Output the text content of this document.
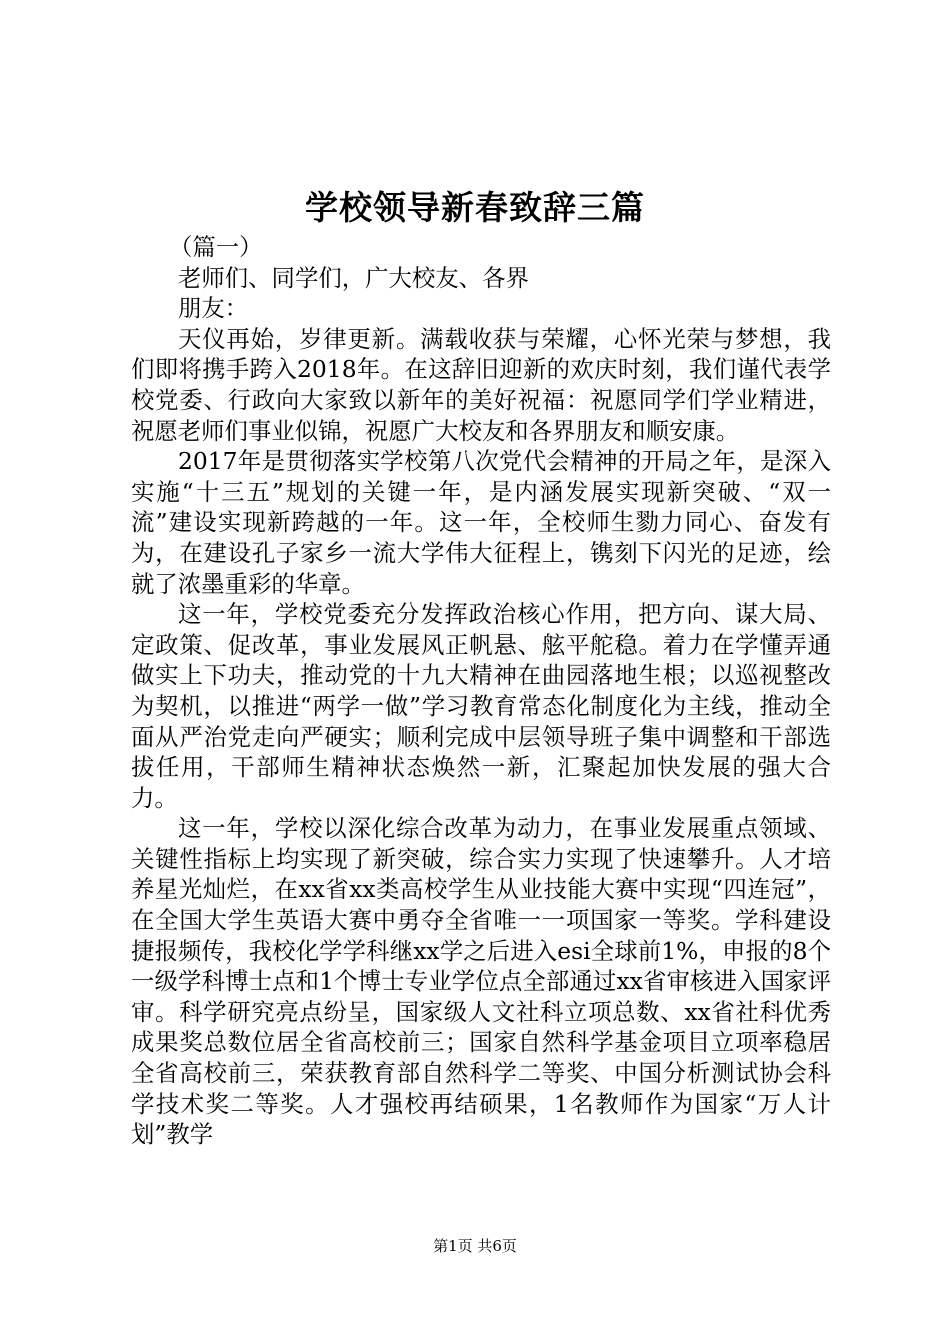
学校领导新春致辞三篇

（篇一）

老师们、同学们，广大校友、各界

朋友：

天仪再始，岁律更新。满载收获与荣耀，心怀光荣与梦想，我们即将携手跨入2018年。在这辞旧迎新的欢庆时刻，我们谨代表学校党委、行政向大家致以新年的美好祝福：祝愿同学们学业精进，祝愿老师们事业似锦，祝愿广大校友和各界朋友和顺安康。

2017年是贯彻落实学校第八次党代会精神的开局之年，是深入实施“十三五”规划的关键一年，是内涵发展实现新突破、“双一流”建设实现新跨越的一年。这一年，全校师生勠力同心、奋发有为，在建设孔子家乡一流大学伟大征程上，镌刻下闪光的足迹，绘就了浓墨重彩的华章。

这一年，学校党委充分发挥政治核心作用，把方向、谋大局、定政策、促改革，事业发展风正帆悬、舷平舵稳。着力在学懂弄通做实上下功夫，推动党的十九大精神在曲园落地生根；以巡视整改为契机，以推进“两学一做”学习教育常态化制度化为主线，推动全面从严治党走向严硬实；顺利完成中层领导班子集中调整和干部选拔任用，干部师生精神状态焕然一新，汇聚起加快发展的强大合力。

这一年，学校以深化综合改革为动力，在事业发展重点领域、关键性指标上均实现了新突破，综合实力实现了快速攀升。人才培养星光灿烂，在xx省xx类高校学生从业技能大赛中实现“四连冠”，在全国大学生英语大赛中勇夺全省唯一一项国家一等奖。学科建设捷报频传，我校化学学科继xx学之后进入esi全球前1%，申报的8个一级学科博士点和1个博士专业学位点全部通过xx省审核进入国家评审。科学研究亮点纷呈，国家级人文社科立项总数、xx省社科优秀成果奖总数位居全省高校前三；国家自然科学基金项目立项率稳居全省高校前三，荣获教育部自然科学二等奖、中国分析测试协会科学技术奖二等奖。人才强校再结硕果，1名教师作为国家“万人计划”教学

第1页 共6页
